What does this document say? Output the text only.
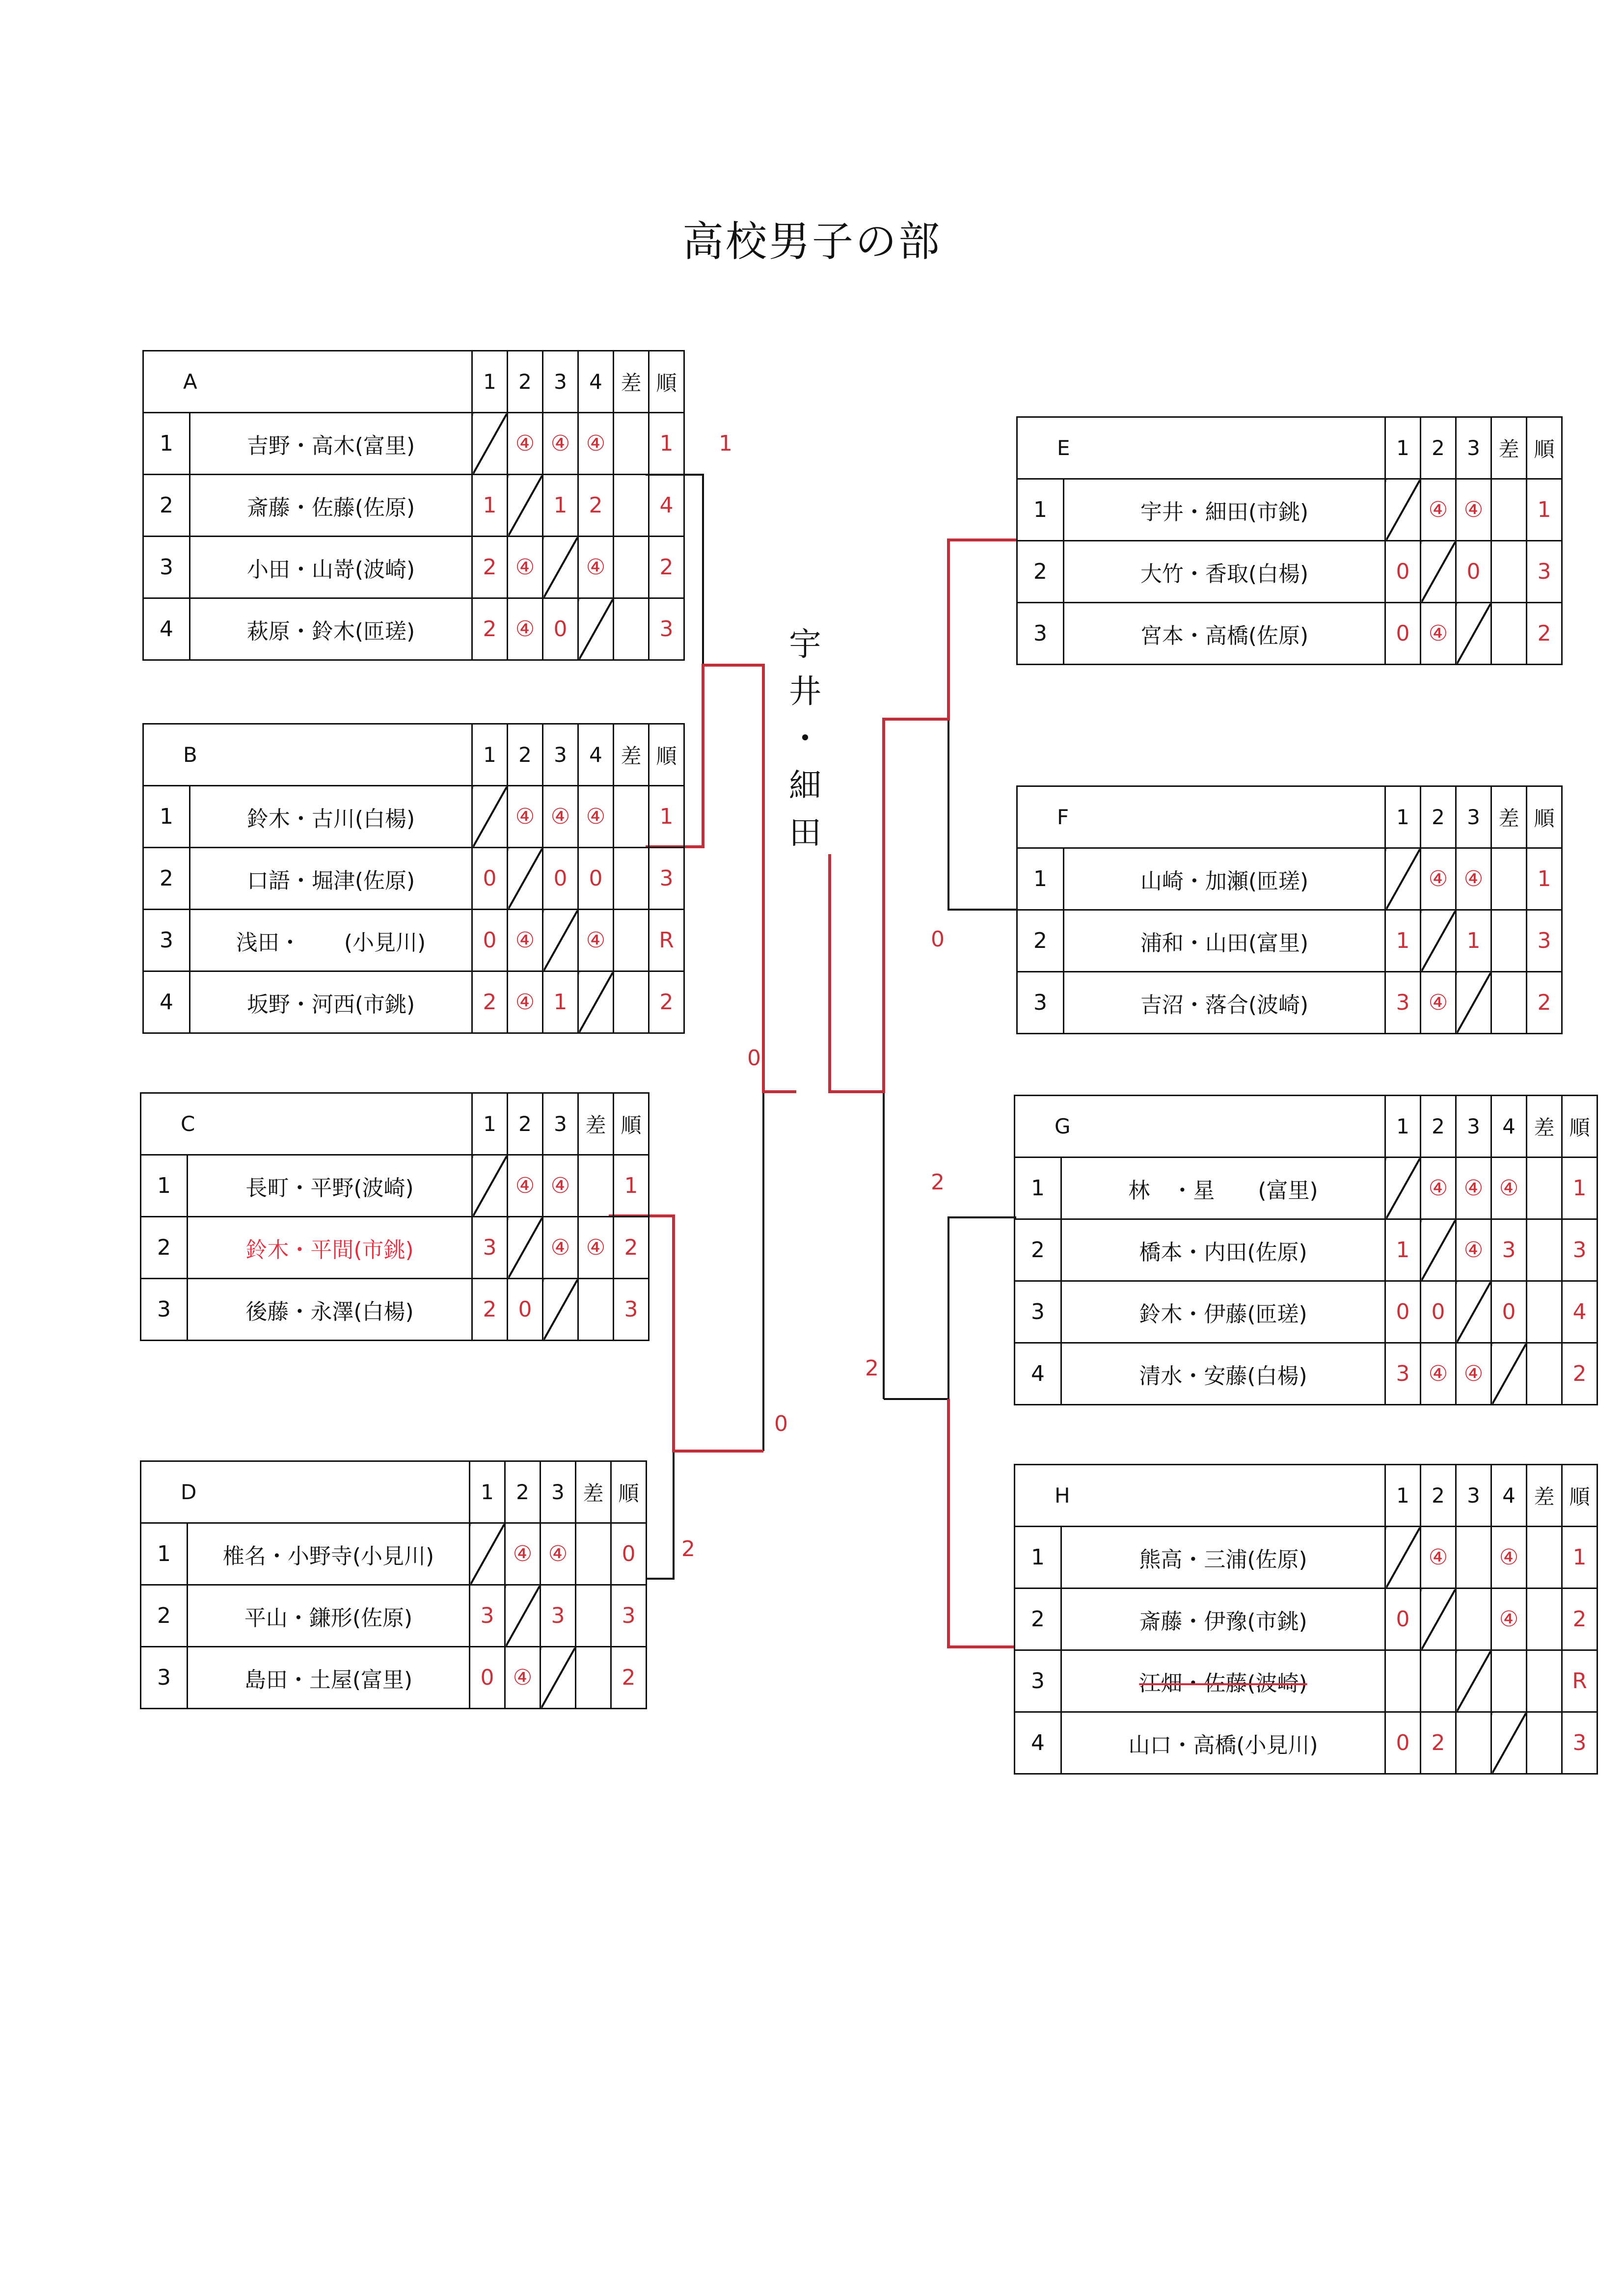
高校男子の部
1
0
0
2
0
2
2
宇
井
・
細
田
A		1	2	3	4	差	順
1	吉野・高木(富里)		④	④	④		1
2	斎藤・佐藤(佐原)	1		1	2		4
3	小田・山嵜(波崎)	2	④		④		2
4	萩原・鈴木(匝瑳)	2	④	0			3
B		1	2	3	4	差	順
1	鈴木・古川(白楊)		④	④	④		1
2	口語・堀津(佐原)	0		0	0		3
3	浅田・　　(小見川)	0	④		④		R
4	坂野・河西(市銚)	2	④	1			2
C		1	2	3	差	順
1	長町・平野(波崎)		④	④		1
2	鈴木・平間(市銚)	3		④	④	2
3	後藤・永澤(白楊)	2	0			3
D		1	2	3	差	順
1	椎名・小野寺(小見川)		④	④		0
2	平山・鎌形(佐原)	3		3		3
3	島田・土屋(富里)	0	④			2
E		1	2	3	差	順
1	宇井・細田(市銚)		④	④		1
2	大竹・香取(白楊)	0		0		3
3	宮本・高橋(佐原)	0	④			2
F		1	2	3	差	順
1	山崎・加瀬(匝瑳)		④	④		1
2	浦和・山田(富里)	1		1		3
3	吉沼・落合(波崎)	3	④			2
G		1	2	3	4	差	順
1	林　・星　　(富里)		④	④	④		1
2	橋本・内田(佐原)	1		④	3		3
3	鈴木・伊藤(匝瑳)	0	0		0		4
4	清水・安藤(白楊)	3	④	④			2
H		1	2	3	4	差	順
1	熊高・三浦(佐原)		④		④		1
2	斎藤・伊豫(市銚)	0			④		2
3	江畑・佐藤(波崎)						R
4	山口・高橋(小見川)	0	2				3
